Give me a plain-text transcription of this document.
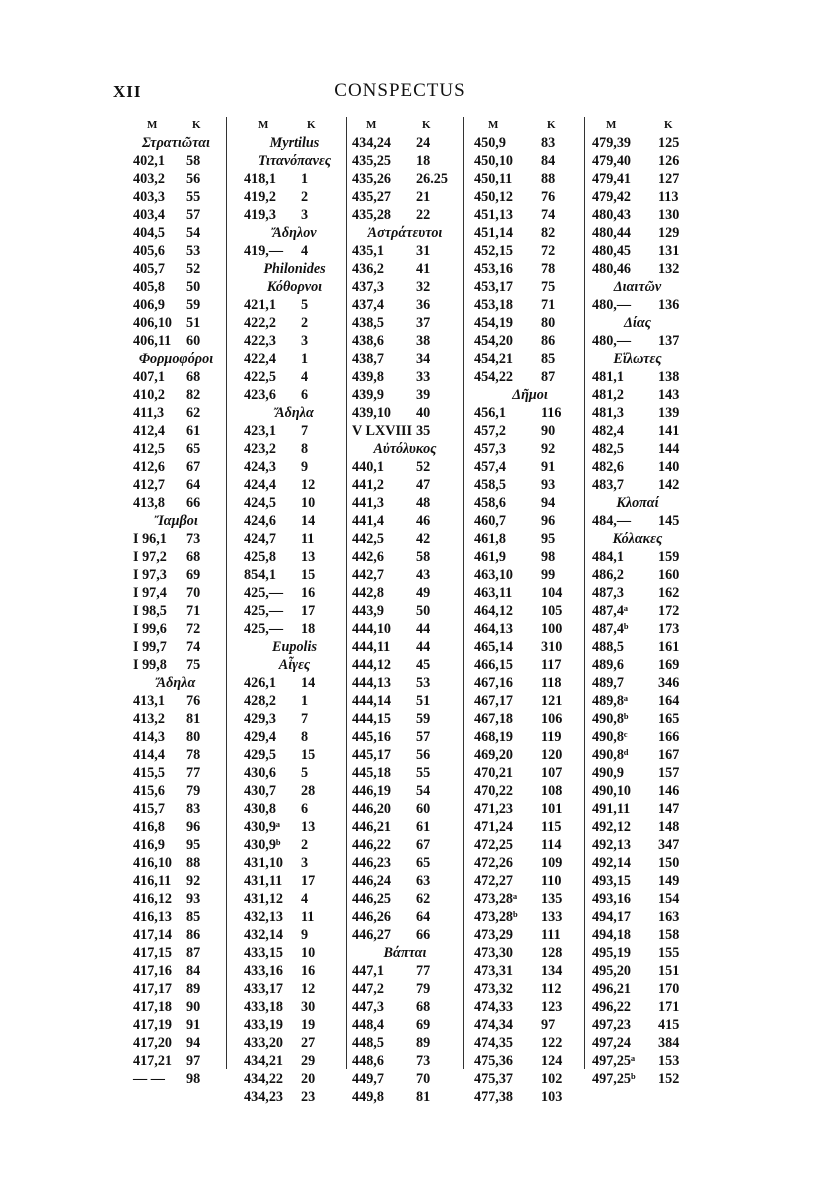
XII	CONSPECTUS
M	K
Στρατιῶται
402,1 58
403,2 56
403,3 55
403,4 57
404,5 54
405,6 53
405,7 52
405,8 50
406,9 59
406,10 51
406,11 60
Φορμοφόροι
407,1 68
410,2 82
411,3 62
412,4 61
412,5 65
412,6 67
412,7 64
413,8 66
Ἴαμβοι
I 96,1 73
I 97,2 68
I 97,3 69
I 97,4 70
I 98,5 71
I 99,6 72
I 99,7 74
I 99,8 75
Ἄδηλα
413,1 76
413,2 81
414,3 80
414,4 78
415,5 77
415,6 79
415,7 83
416,8 96
416,9 95
416,10 88
416,11 92
416,12 93
416,13 85
417,14 86
417,15 87
417,16 84
417,17 89
417,18 90
417,19 91
417,20 94
417,21 97
— — 98
M	K
Myrtilus
Τιτανόπανες
418,1 1
419,2 2
419,3 3
Ἄδηλον
419,— 4
Philonides
Κόθορνοι
421,1 5
422,2 2
422,3 3
422,4 1
422,5 4
423,6 6
Ἄδηλα
423,1 7
423,2 8
424,3 9
424,4 12
424,5 10
424,6 14
424,7 11
425,8 13
854,1 15
425,— 16
425,— 17
425,— 18
Eupolis
Αἶγες
426,1 14
428,2 1
429,3 7
429,4 8
429,5 15
430,6 5
430,7 28
430,8 6
430,9ᵃ 13
430,9ᵇ 2
431,10 3
431,11 17
431,12 4
432,13 11
432,14 9
433,15 10
433,16 16
433,17 12
433,18 30
433,19 19
433,20 27
434,21 29
434,22 20
434,23 23
M	K
434,24 24
435,25 18
435,26 26.25
435,27 21
435,28 22
Ἀστράτευτοι
435,1 31
436,2 41
437,3 32
437,4 36
438,5 37
438,6 38
438,7 34
439,8 33
439,9 39
439,10 40
V LXVIII 35
Αὐτόλυκος
440,1 52
441,2 47
441,3 48
441,4 46
442,5 42
442,6 58
442,7 43
442,8 49
443,9 50
444,10 44
444,11 44
444,12 45
444,13 53
444,14 51
444,15 59
445,16 57
445,17 56
445,18 55
446,19 54
446,20 60
446,21 61
446,22 67
446,23 65
446,24 63
446,25 62
446,26 64
446,27 66
Βάπται
447,1 77
447,2 79
447,3 68
448,4 69
448,5 89
448,6 73
449,7 70
449,8 81
M	K
450,9 83
450,10 84
450,11 88
450,12 76
451,13 74
451,14 82
452,15 72
453,16 78
453,17 75
453,18 71
454,19 80
454,20 86
454,21 85
454,22 87
Δῆμοι
456,1 116
457,2 90
457,3 92
457,4 91
458,5 93
458,6 94
460,7 96
461,8 95
461,9 98
463,10 99
463,11 104
464,12 105
464,13 100
465,14 310
466,15 117
467,16 118
467,17 121
467,18 106
468,19 119
469,20 120
470,21 107
470,22 108
471,23 101
471,24 115
472,25 114
472,26 109
472,27 110
473,28ᵃ 135
473,28ᵇ 133
473,29 111
473,30 128
473,31 134
473,32 112
474,33 123
474,34 97
474,35 122
475,36 124
475,37 102
477,38 103
M	K
479,39 125
479,40 126
479,41 127
479,42 113
480,43 130
480,44 129
480,45 131
480,46 132
Διαιτῶν
480,— 136
Δίας
480,— 137
Εἵλωτες
481,1 138
481,2 143
481,3 139
482,4 141
482,5 144
482,6 140
483,7 142
Κλοπαί
484,— 145
Κόλακες
484,1 159
486,2 160
487,3 162
487,4ᵃ 172
487,4ᵇ 173
488,5 161
489,6 169
489,7 346
489,8ᵃ 164
490,8ᵇ 165
490,8ᶜ 166
490,8ᵈ 167
490,9 157
490,10 146
491,11 147
492,12 148
492,13 347
492,14 150
493,15 149
493,16 154
494,17 163
494,18 158
495,19 155
495,20 151
496,21 170
496,22 171
497,23 415
497,24 384
497,25ᵃ 153
497,25ᵇ 152
